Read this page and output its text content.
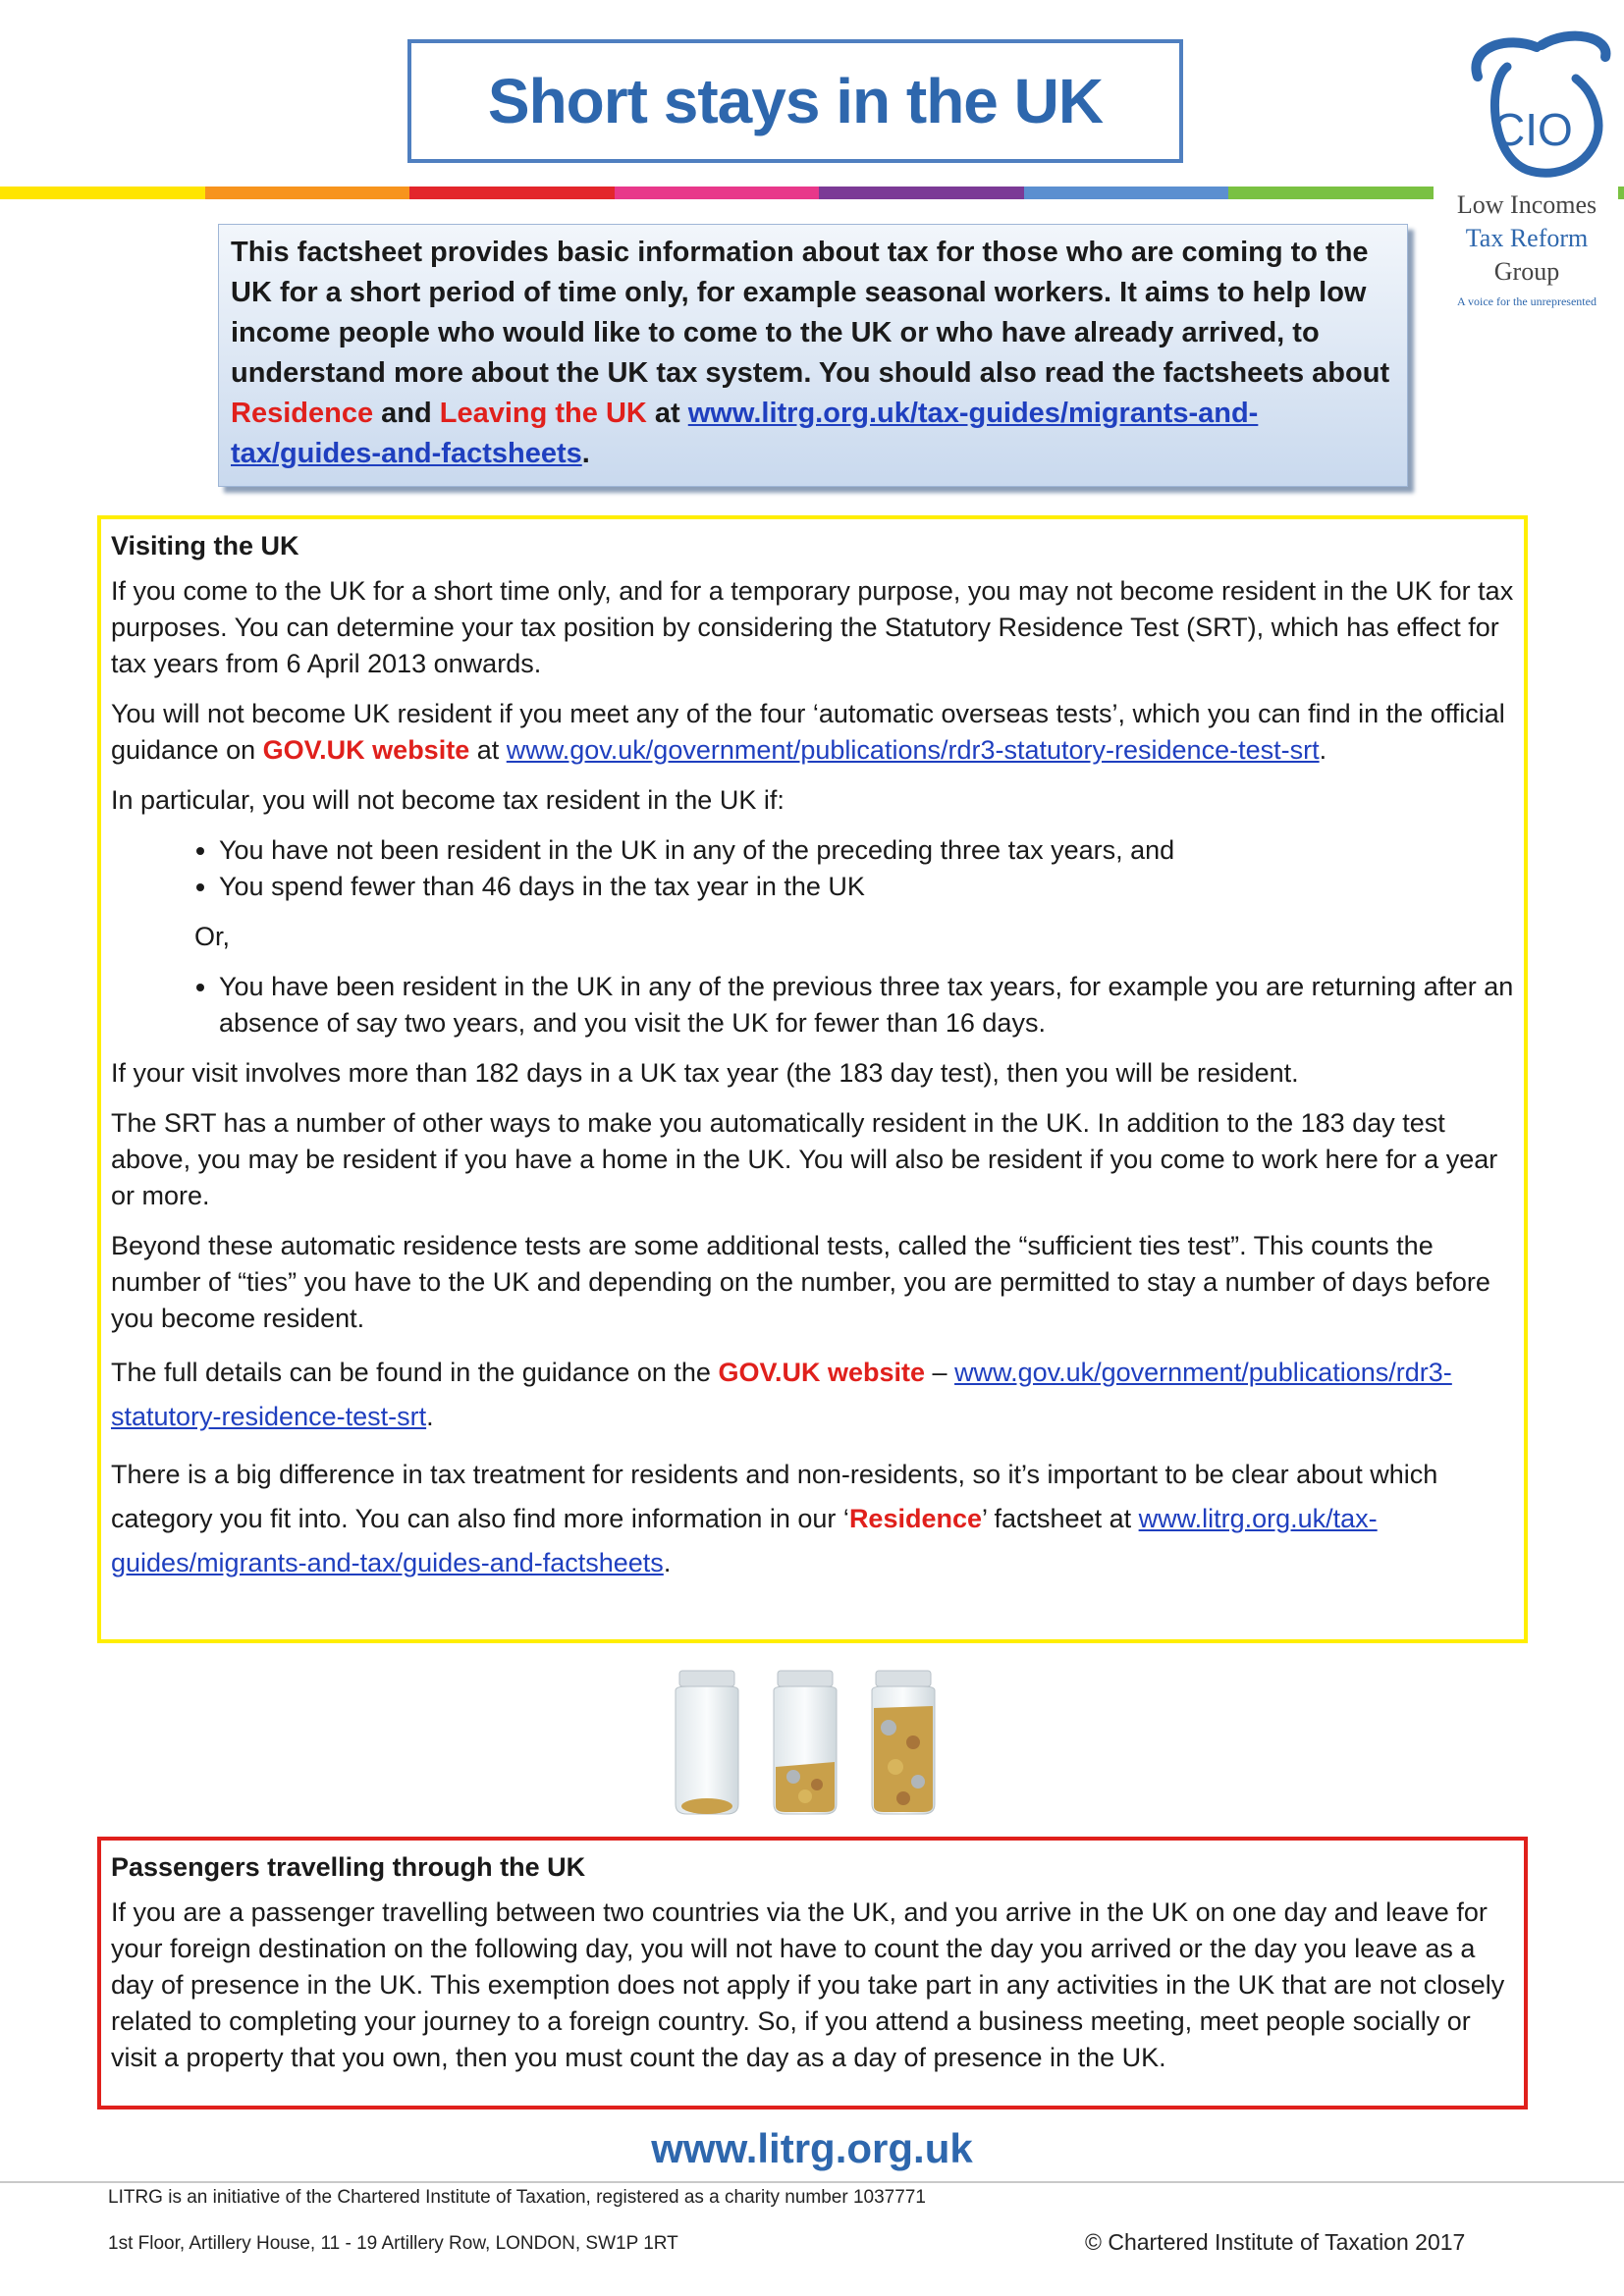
Short stays in the UK	CIO
Low Incomes
Tax Reform
Group
A voice for the unrepresented
This factsheet provides basic information about tax for those who are coming to the UK for a short period of time only, for example seasonal workers. It aims to help low income people who would like to come to the UK or who have already arrived, to understand more about the UK tax system. You should also read the factsheets about Residence and Leaving the UK at www.litrg.org.uk/tax-guides/migrants-and-tax/guides-and-factsheets.
Visiting the UK

If you come to the UK for a short time only, and for a temporary purpose, you may not become resident in the UK for tax purposes. You can determine your tax position by considering the Statutory Residence Test (SRT), which has effect for tax years from 6 April 2013 onwards.

You will not become UK resident if you meet any of the four ‘automatic overseas tests’, which you can find in the official guidance on GOV.UK website at www.gov.uk/government/publications/rdr3-statutory-residence-test-srt.

In particular, you will not become tax resident in the UK if:

• You have not been resident in the UK in any of the preceding three tax years, and
• You spend fewer than 46 days in the tax year in the UK
Or,
• You have been resident in the UK in any of the previous three tax years, for example you are returning after an absence of say two years, and you visit the UK for fewer than 16 days.

If your visit involves more than 182 days in a UK tax year (the 183 day test), then you will be resident.

The SRT has a number of other ways to make you automatically resident in the UK. In addition to the 183 day test above, you may be resident if you have a home in the UK. You will also be resident if you come to work here for a year or more.

Beyond these automatic residence tests are some additional tests, called the “sufficient ties test”. This counts the number of “ties” you have to the UK and depending on the number, you are permitted to stay a number of days before you become resident.

The full details can be found in the guidance on the GOV.UK website – www.gov.uk/government/publications/rdr3-statutory-residence-test-srt.

There is a big difference in tax treatment for residents and non-residents, so it’s important to be clear about which category you fit into. You can also find more information in our ‘Residence’ factsheet at www.litrg.org.uk/tax-guides/migrants-and-tax/guides-and-factsheets.

Passengers travelling through the UK

If you are a passenger travelling between two countries via the UK, and you arrive in the UK on one day and leave for your foreign destination on the following day, you will not have to count the day you arrived or the day you leave as a day of presence in the UK. This exemption does not apply if you take part in any activities in the UK that are not closely related to completing your journey to a foreign country. So, if you attend a business meeting, meet people socially or visit a property that you own, then you must count the day as a day of presence in the UK.

www.litrg.org.uk
LITRG is an initiative of the Chartered Institute of Taxation, registered as a charity number 1037771
1st Floor, Artillery House, 11 - 19 Artillery Row, LONDON, SW1P 1RT	© Chartered Institute of Taxation 2017
